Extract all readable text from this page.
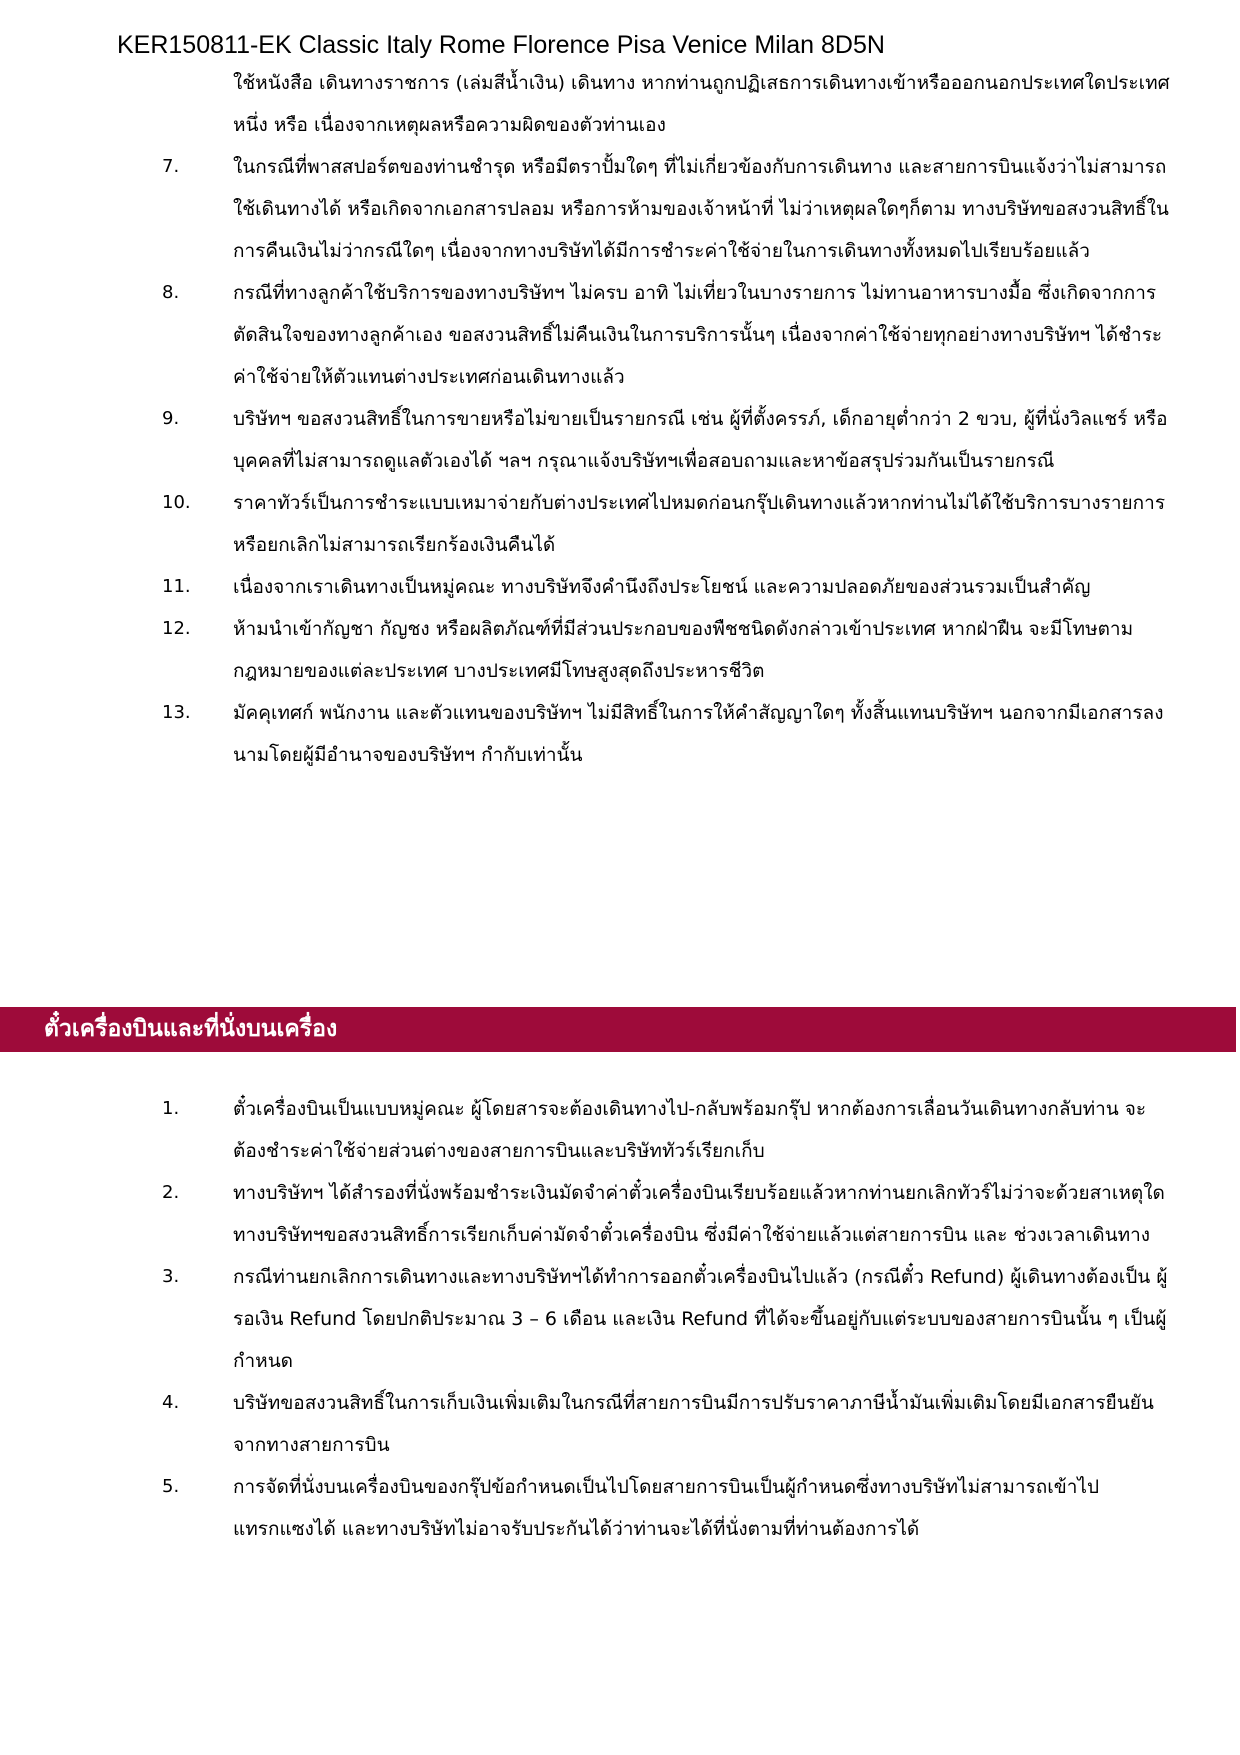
KER150811-EK Classic Italy Rome Florence Pisa Venice Milan 8D5N
ใช้หนังสือ เดินทางราชการ (เล่มสีน้ำเงิน) เดินทาง หากท่านถูกปฏิเสธการเดินทางเข้าหรือออกนอกประเทศใดประเทศหนึ่ง หรือ เนื่องจากเหตุผลหรือความผิดของตัวท่านเอง
7.	ในกรณีที่พาสสปอร์ตของท่านชำรุด หรือมีตราปั้มใดๆ ที่ไม่เกี่ยวข้องกับการเดินทาง และสายการบินแจ้งว่าไม่สามารถใช้เดินทางได้ หรือเกิดจากเอกสารปลอม หรือการห้ามของเจ้าหน้าที่ ไม่ว่าเหตุผลใดๆก็ตาม ทางบริษัทขอสงวนสิทธิ์ในการคืนเงินไม่ว่ากรณีใดๆ เนื่องจากทางบริษัทได้มีการชำระค่าใช้จ่ายในการเดินทางทั้งหมดไปเรียบร้อยแล้ว
8.	กรณีที่ทางลูกค้าใช้บริการของทางบริษัทฯ ไม่ครบ อาทิ ไม่เที่ยวในบางรายการ ไม่ทานอาหารบางมื้อ ซึ่งเกิดจากการตัดสินใจของทางลูกค้าเอง ขอสงวนสิทธิ์ไม่คืนเงินในการบริการนั้นๆ เนื่องจากค่าใช้จ่ายทุกอย่างทางบริษัทฯ ได้ชำระค่าใช้จ่ายให้ตัวแทนต่างประเทศก่อนเดินทางแล้ว
9.	บริษัทฯ ขอสงวนสิทธิ์ในการขายหรือไม่ขายเป็นรายกรณี เช่น ผู้ที่ตั้งครรภ์, เด็กอายุต่ำกว่า 2 ขวบ, ผู้ที่นั่งวิลแชร์ หรือบุคคลที่ไม่สามารถดูแลตัวเองได้ ฯลฯ กรุณาแจ้งบริษัทฯเพื่อสอบถามและหาข้อสรุปร่วมกันเป็นรายกรณี
10. ราคาทัวร์เป็นการชำระแบบเหมาจ่ายกับต่างประเทศไปหมดก่อนกรุ๊ปเดินทางแล้วหากท่านไม่ได้ใช้บริการบางรายการหรือยกเลิกไม่สามารถเรียกร้องเงินคืนได้
11. เนื่องจากเราเดินทางเป็นหมู่คณะ ทางบริษัทจึงคำนึงถึงประโยชน์ และความปลอดภัยของส่วนรวมเป็นสำคัญ
12. ห้ามนำเข้ากัญชา กัญชง หรือผลิตภัณฑ์ที่มีส่วนประกอบของพืชชนิดดังกล่าวเข้าประเทศ หากฝ่าฝืน จะมีโทษตามกฎหมายของแต่ละประเทศ บางประเทศมีโทษสูงสุดถึงประหารชีวิต
13. มัคคุเทศก์ พนักงาน และตัวแทนของบริษัทฯ ไม่มีสิทธิ์ในการให้คำสัญญาใดๆ ทั้งสิ้นแทนบริษัทฯ นอกจากมีเอกสารลงนามโดยผู้มีอำนาจของบริษัทฯ กำกับเท่านั้น
ตั๋วเครื่องบินและที่นั่งบนเครื่อง
1.	ตั๋วเครื่องบินเป็นแบบหมู่คณะ ผู้โดยสารจะต้องเดินทางไป-กลับพร้อมกรุ๊ป หากต้องการเลื่อนวันเดินทางกลับท่าน จะต้องชำระค่าใช้จ่ายส่วนต่างของสายการบินและบริษัททัวร์เรียกเก็บ
2.	ทางบริษัทฯ ได้สำรองที่นั่งพร้อมชำระเงินมัดจำค่าตั๋วเครื่องบินเรียบร้อยแล้วหากท่านยกเลิกทัวร์ไม่ว่าจะด้วยสาเหตุใดทางบริษัทฯขอสงวนสิทธิ์การเรียกเก็บค่ามัดจำตั๋วเครื่องบิน ซึ่งมีค่าใช้จ่ายแล้วแต่สายการบิน และ ช่วงเวลาเดินทาง
3.	กรณีท่านยกเลิกการเดินทางและทางบริษัทฯได้ทำการออกตั๋วเครื่องบินไปแล้ว (กรณีตั๋ว Refund) ผู้เดินทางต้องเป็น ผู้รอเงิน Refund โดยปกติประมาณ 3 – 6 เดือน และเงิน Refund ที่ได้จะขึ้นอยู่กับแต่ระบบของสายการบินนั้น ๆ เป็นผู้กำหนด
4.	บริษัทขอสงวนสิทธิ์ในการเก็บเงินเพิ่มเติมในกรณีที่สายการบินมีการปรับราคาภาษีน้ำมันเพิ่มเติมโดยมีเอกสารยืนยันจากทางสายการบิน
5.	การจัดที่นั่งบนเครื่องบินของกรุ๊ปข้อกำหนดเป็นไปโดยสายการบินเป็นผู้กำหนดซึ่งทางบริษัทไม่สามารถเข้าไปแทรกแซงได้ และทางบริษัทไม่อาจรับประกันได้ว่าท่านจะได้ที่นั่งตามที่ท่านต้องการได้
